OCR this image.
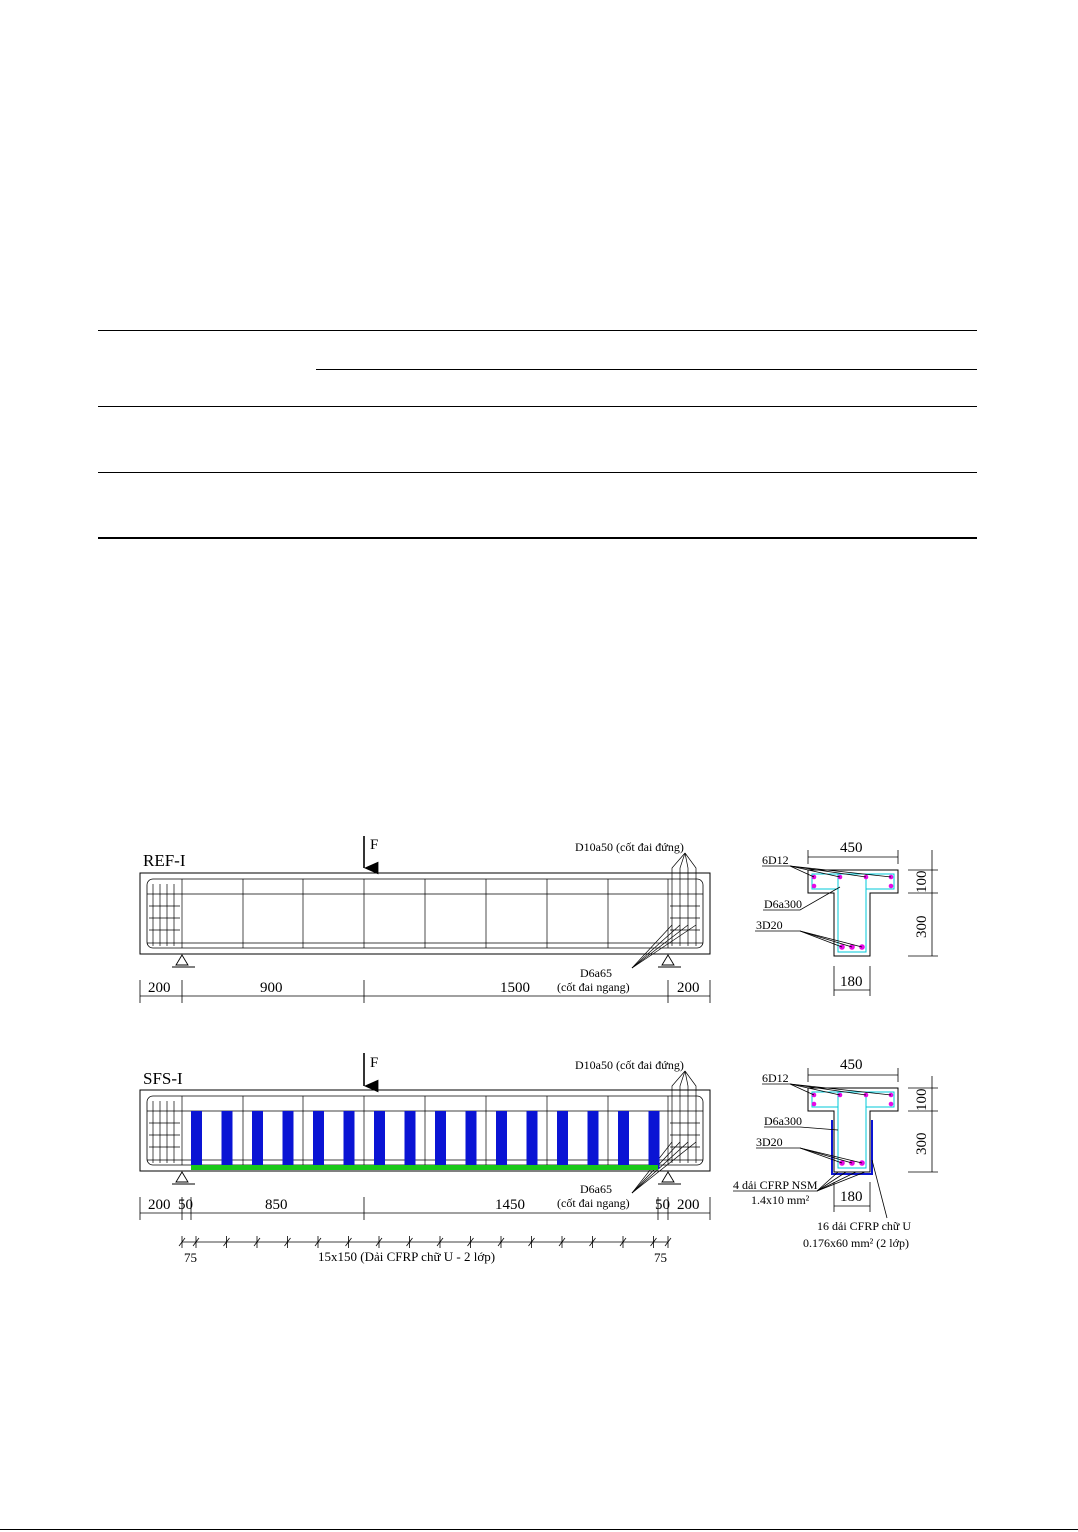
REF-I
F	D10a50 (cốt đai đứng)
D6a65
(cốt đai ngang)
200	900	1500	200
SFS-I
F	D10a50 (cốt đai đứng)
D6a65
(cốt đai ngang)
200 50	850	1450	50 200
75	15x150 (Dải CFRP chữ U - 2 lớp)	75
450
180
100
300
6D12
D6a300
3D20
450
180
100
300
6D12
D6a300
3D20
4 dải CFRP NSM
1.4x10 mm²
16 dải CFRP chữ U
0.176x60 mm² (2 lớp)
